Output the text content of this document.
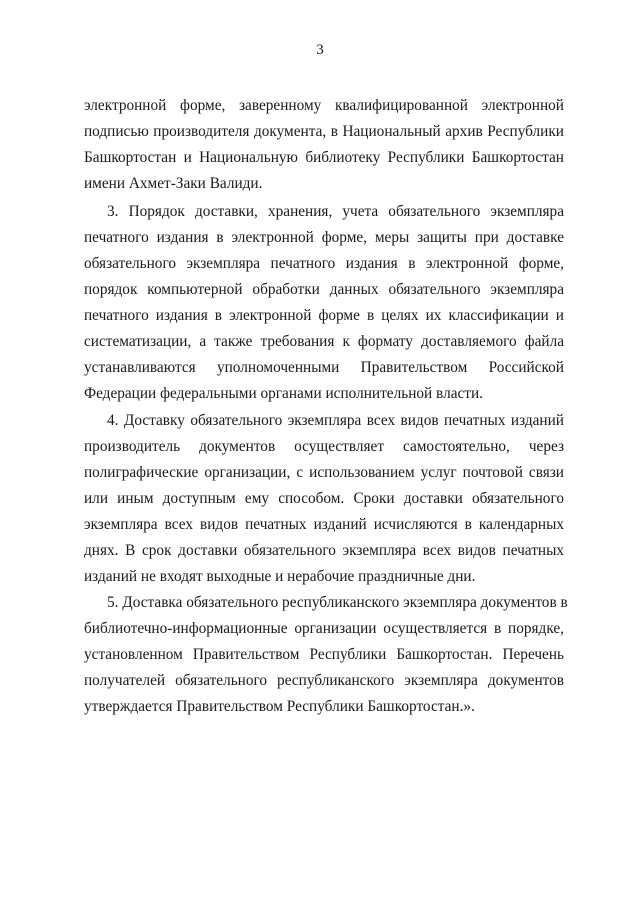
3
электронной форме, заверенному квалифицированной электронной
подписью производителя документа, в Национальный архив Республики
Башкортостан и Национальную библиотеку Республики Башкортостан
имени Ахмет-Заки Валиди.
3. Порядок доставки, хранения, учета обязательного экземпляра
печатного издания в электронной форме, меры защиты при доставке
обязательного экземпляра печатного издания в электронной форме,
порядок компьютерной обработки данных обязательного экземпляра
печатного издания в электронной форме в целях их классификации и
систематизации, а также требования к формату доставляемого файла
устанавливаются уполномоченными Правительством Российской
Федерации федеральными органами исполнительной власти.
4. Доставку обязательного экземпляра всех видов печатных изданий
производитель документов осуществляет самостоятельно, через
полиграфические организации, с использованием услуг почтовой связи
или иным доступным ему способом. Сроки доставки обязательного
экземпляра всех видов печатных изданий исчисляются в календарных
днях. В срок доставки обязательного экземпляра всех видов печатных
изданий не входят выходные и нерабочие праздничные дни.
5. Доставка обязательного республиканского экземпляра документов в
библиотечно-информационные организации осуществляется в порядке,
установленном Правительством Республики Башкортостан. Перечень
получателей обязательного республиканского экземпляра документов
утверждается Правительством Республики Башкортостан.».
